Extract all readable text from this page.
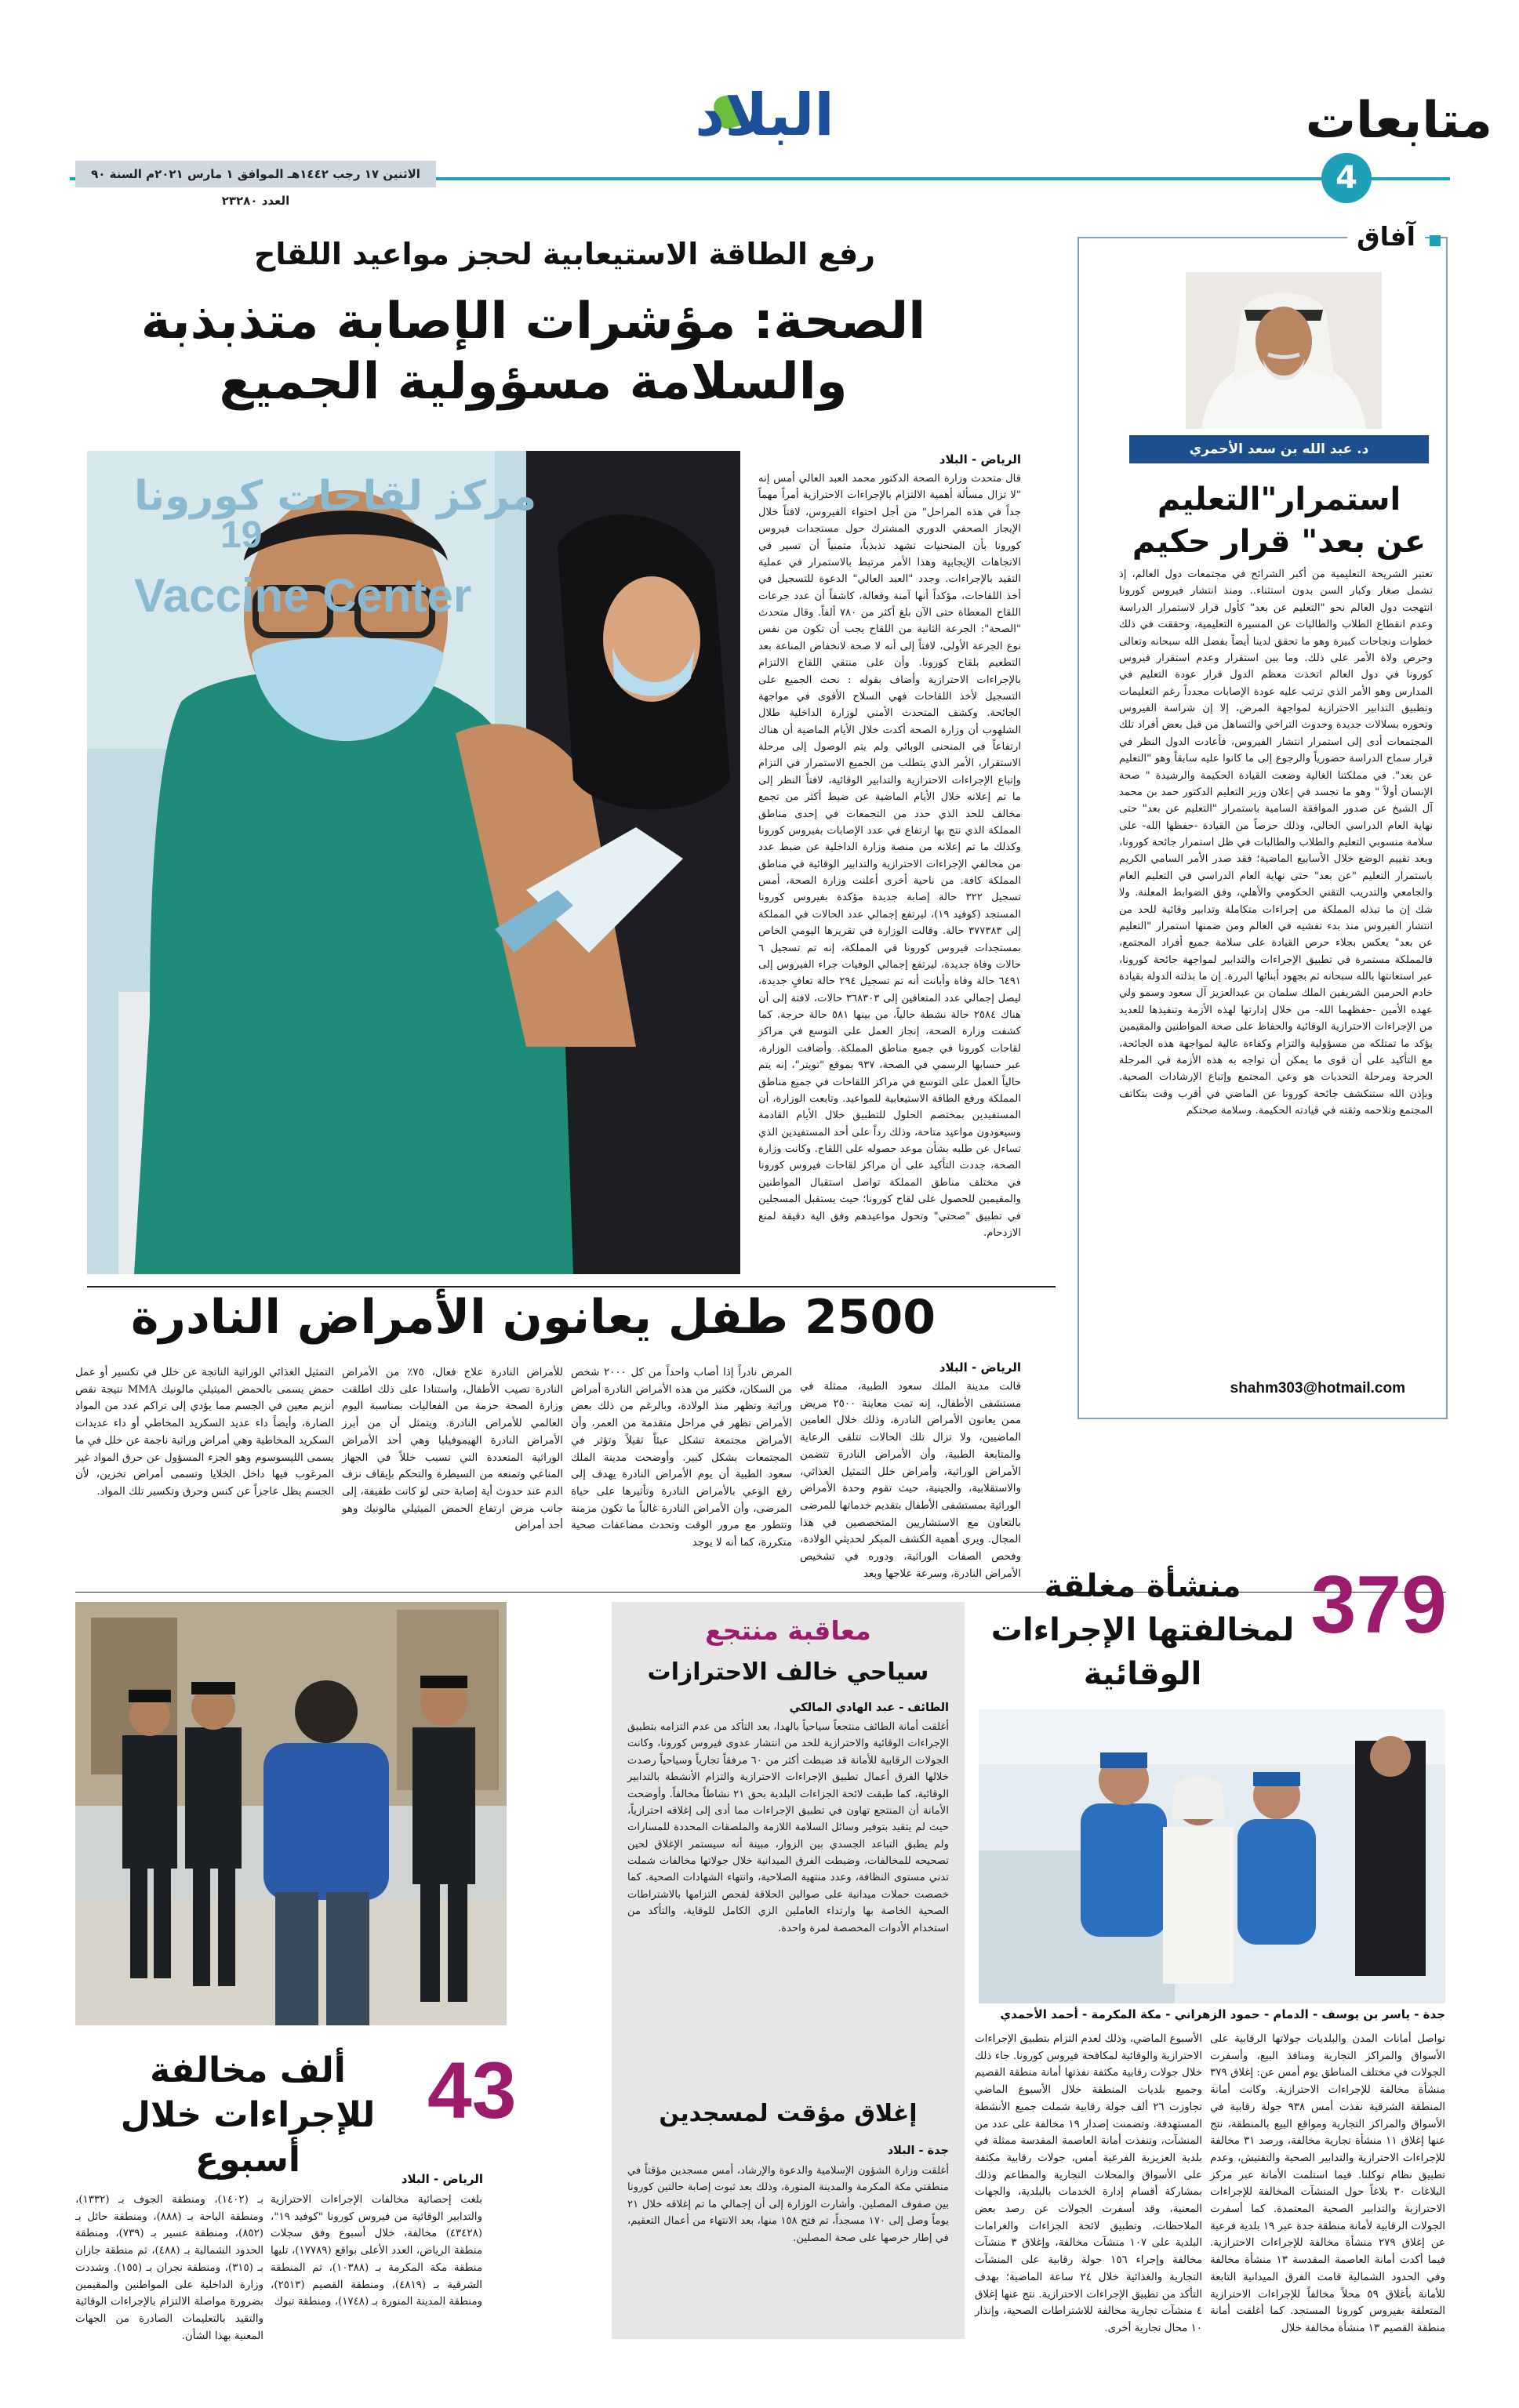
متابعات
4
البلاد
الاثنين ١٧ رجب ١٤٤٢هـ الموافق ١ مارس ٢٠٢١م السنة ٩٠ العدد ٢٣٢٨٠
آفاق
د. عبد الله بن سعد الأحمري
استمرار"التعليم عن بعد" قرار حكيم

تعتبر الشريحة التعليمية من أكبر الشرائح في مجتمعات دول العالم، إذ تشمل صغار وكبار السن بدون استثناء.. ومنذ انتشار فيروس كورونا انتهجت دول العالم نحو "التعليم عن بعد" كأول قرار لاستمرار الدراسة وعدم انقطاع الطلاب والطالبات عن المسيرة التعليمية، وحققت في ذلك خطوات ونجاحات كبيرة وهو ما تحقق لدينا أيضاً بفضل الله سبحانه وتعالى وحرص ولاة الأمر على ذلك. وما بين استقرار وعدم استقرار فيروس كورونا في دول العالم اتخذت معظم الدول قرار عودة التعليم في المدارس وهو الأمر الذي ترتب عليه عودة الإصابات مجدداً رغم التعليمات وتطبيق التدابير الاحترازية لمواجهة المرض، إلا إن شراسة الفيروس وتحوره بسلالات جديدة وحدوث التراخي والتساهل من قبل بعض أفراد تلك المجتمعات أدى إلى استمرار انتشار الفيروس، فأعادت الدول النظر في قرار سماح الدراسة حضورياً والرجوع إلى ما كانوا عليه سابقاً وهو "التعليم عن بعد". في مملكتنا الغالية وضعت القيادة الحكيمة والرشيدة " صحة الإنسان أولاً " وهو ما تجسد في إعلان وزير التعليم الدكتور حمد بن محمد آل الشيخ عن صدور الموافقة السامية باستمرار "التعليم عن بعد" حتى نهاية العام الدراسي الحالي، وذلك حرصاً من القيادة -حفظها الله- على سلامة منسوبي التعليم والطلاب والطالبات في ظل استمرار جائحة كورونا، وبعد تقييم الوضع خلال الأسابيع الماضية؛ فقد صدر الأمر السامي الكريم باستمرار التعليم "عن بعد" حتى نهاية العام الدراسي في التعليم العام والجامعي والتدريب التقني الحكومي والأهلي، وفق الضوابط المعلنة. ولا شك إن ما تبذله المملكة من إجراءات متكاملة وتدابير وقائية للحد من انتشار الفيروس منذ بدء تفشيه في العالم ومن ضمنها استمرار "التعليم عن بعد" يعكس بجلاء حرص القيادة على سلامة جميع أفراد المجتمع، فالمملكة مستمرة في تطبيق الإجراءات والتدابير لمواجهة جائحة كورونا، عبر استعانتها بالله سبحانه ثم بجهود أبنائها البررة. إن ما بذلته الدولة بقيادة خادم الحرمين الشريفين الملك سلمان بن عبدالعزيز آل سعود وسمو ولي عهده الأمين -حفظهما الله- من خلال إدارتها لهذه الأزمة وتنفيذها للعديد من الإجراءات الاحترازية الوقائية والحفاظ على صحة المواطنين والمقيمين يؤكد ما تمتلكه من مسؤولية والتزام وكفاءة عالية لمواجهة هذه الجائحة، مع التأكيد على أن قوى ما يمكن أن تواجه به هذه الأزمة في المرحلة الحرجة ومرحلة التحديات هو وعي المجتمع وإتباع الإرشادات الصحية. وبإذن الله ستنكشف جائحة كورونا عن الماضي في أقرب وقت بتكاتف المجتمع وتلاحمه وثقته في قيادته الحكيمة. وسلامة صحتكم

shahm303@hotmail.com
رفع الطاقة الاستيعابية لحجز مواعيد اللقاح
الصحة: مؤشرات الإصابة متذبذبة والسلامة مسؤولية الجميع
مركز لقاحات كورونا
Vaccine Center
19
الرياض - البلاد

قال متحدث وزارة الصحة الدكتور محمد العبد العالي أمس إنه "لا تزال مسألة أهمية الالتزام بالإجراءات الاحترازية أمراً مهماً جداً في هذه المراحل" من أجل احتواء الفيروس، لافتاً خلال الإيجاز الصحفي الدوري المشترك حول مستجدات فيروس كورونا بأن المنحنيات تشهد تذبذباً، متمنياً أن تسير في الاتجاهات الإيجابية وهذا الأمر مرتبط بالاستمرار في عملية التقيد بالإجراءات. وجدد "العبد العالي" الدعوة للتسجيل في أخذ اللقاحات، مؤكداً أنها آمنة وفعالة، كاشفاً أن عدد جرعات اللقاح المعطاة حتى الآن بلغ أكثر من ٧٨٠ ألفاً. وقال متحدث "الصحة": الجرعة الثانية من اللقاح يجب أن تكون من نفس نوع الجرعة الأولى، لافتاً إلى أنه لا صحة لانخفاض المناعة بعد التطعيم بلقاح كورونا. وأن على منتقي اللقاح الالتزام بالإجراءات الاحترازية وأضاف بقوله : نحث الجميع على التسجيل لأخذ اللقاحات فهي السلاح الأقوى في مواجهة الجائحة. وكشف المتحدث الأمني لوزارة الداخلية طلال الشلهوب أن وزارة الصحة أكدت خلال الأيام الماضية أن هناك ارتفاعاً في المنحنى الوبائي ولم يتم الوصول إلى مرحلة الاستقرار، الأمر الذي يتطلب من الجميع الاستمرار في التزام وإتباع الإجراءات الاحترازية والتدابير الوقائية، لافتاً النظر إلى ما تم إعلانه خلال الأيام الماضية عن ضبط أكثر من تجمع مخالف للحد الذي حدد من التجمعات في إحدى مناطق المملكة الذي نتج بها ارتفاع في عدد الإصابات بفيروس كورونا وكذلك ما تم إعلانه من منصة وزارة الداخلية عن ضبط عدد من مخالفي الإجراءات الاحترازية والتدابير الوقائية في مناطق المملكة كافة. من ناحية أخرى أعلنت وزارة الصحة، أمس تسجيل ٣٢٢ حالة إصابة جديدة مؤكدة بفيروس كورونا المستجد (كوفيد ١٩)، ليرتفع إجمالي عدد الحالات في المملكة إلى ٣٧٧٣٨٣ حالة. وقالت الوزارة في تقريرها اليومي الخاص بمستجدات فيروس كورونا في المملكة، إنه تم تسجيل ٦ حالات وفاة جديدة، ليرتفع إجمالي الوفيات جراء الفيروس إلى ٦٤٩١ حالة وفاة وأبانت أنه تم تسجيل ٢٩٤ حالة تعافٍ جديدة، ليصل إجمالي عدد المتعافين إلى ٣٦٨٣٠٣ حالات، لافتة إلى أن هناك ٢٥٨٤ حالة نشطة حالياً، من بينها ٥٨١ حالة حرجة. كما كشفت وزارة الصحة، إنجاز العمل على التوسع في مراكز لقاحات كورونا في جميع مناطق المملكة. وأضافت الوزارة، عبر حسابها الرسمي في الصحة، ٩٣٧ بموقع "تويتر"، إنه يتم حالياً العمل على التوسع في مراكز اللقاحات في جميع مناطق المملكة ورفع الطاقة الاستيعابية للمواعيد. وتابعت الوزارة، أن المستفيدين بمختصم الحلول للتطبيق خلال الأيام القادمة وسيعودون مواعيد متاحة، وذلك رداً على أحد المستفيدين الذي تساءل عن طلبه بشأن موعد حصوله على اللقاح. وكانت وزارة الصحة، جددت التأكيد على أن مراكز لقاحات فيروس كورونا في مختلف مناطق المملكة تواصل استقبال المواطنين والمقيمين للحصول على لقاح كورونا؛ حيث يستقبل المسجلين في تطبيق "صحتي" وتحول مواعيدهم وفق الية دقيقة لمنع الازدحام.

2500 طفل يعانون الأمراض النادرة
الرياض - البلاد

قالت مدينة الملك سعود الطبية، ممثلة في مستشفى الأطفال، إنه تمت معاينة ٢٥٠٠ مريض ممن يعانون الأمراض النادرة، وذلك خلال العامين الماضيين، ولا تزال تلك الحالات تتلقى الرعاية والمتابعة الطبية، وأن الأمراض النادرة تتضمن الأمراض الوراثية، وأمراض خلل التمثيل الغذائي، والاستقلابية، والجينية، حيث تقوم وحدة الأمراض الوراثية بمستشفى الأطفال بتقديم خدماتها للمرضى بالتعاون مع الاستشاريين المتخصصين في هذا المجال. ويرى أهمية الكشف المبكر لحديثي الولادة، وفحص الصفات الوراثية، ودوره في تشخيص الأمراض النادرة، وسرعة علاجها وبعد

المرض نادراً إذا أصاب واحداً من كل ٢٠٠٠ شخص من السكان، فكثير من هذه الأمراض النادرة أمراض وراثية وتظهر منذ الولادة، وبالرغم من ذلك بعض الأمراض تظهر في مراحل متقدمة من العمر، وأن الأمراض مجتمعة تشكل عبئاً ثقيلاً وتؤثر في المجتمعات بشكل كبير. وأوضحت مدينة الملك سعود الطبية أن يوم الأمراض النادرة يهدف إلى رفع الوعي بالأمراض النادرة وتأثيرها على حياة المرضى، وأن الأمراض النادرة غالباً ما تكون مزمنة وتتطور مع مرور الوقت وتحدث مضاعفات صحية متكررة، كما أنه لا يوجد

للأمراض النادرة علاج فعال، ٧٥٪ من الأمراض النادرة تصيب الأطفال، واستنادا على ذلك اطلقت وزارة الصحة حزمة من الفعاليات بمناسبة اليوم العالمي للأمراض النادرة. ويتمثل أن من أبرز الأمراض النادرة الهيموفيليا وهي أحد الأمراض الوراثية المتعددة التي تسبب خللاً في الجهاز المناعي وتمنعه من السيطرة والتحكم بإيقاف نزف الدم عند حدوث أية إصابة حتى لو كانت طفيفة، إلى جانب مرض ارتفاع الحمض الميثيلي مالونيك وهو أحد أمراض

التمثيل الغذائي الوراثية الناتجة عن خلل في تكسير أو عمل حمض يسمى بالحمض الميثيلي مالونيك MMA نتيجة نقص أنزيم معين في الجسم مما يؤدي إلى تراكم عدد من المواد الضارة، وأيضاً داء عديد السكريد المخاطي أو داء عديدات السكريد المخاطية وهي أمراض وراثية ناجمة عن خلل في ما يسمى الليسوسوم وهو الجزء المسؤول عن حرق المواد غير المرغوب فيها داخل الخلايا وتسمى أمراض تخزين، لأن الجسم يظل عاجزاً عن كنس وحرق وتكسير تلك المواد.

43
ألف مخالفة للإجراءات خلال أسبوع	الرياض - البلاد

بلغت إحصائية مخالفات الإجراءات الاحترازية والتدابير الوقائية من فيروس كورونا "كوفيد ١٩"، (٤٣٤٢٨) مخالفة، خلال أسبوع وفق سجلات منطقة الرياض، العدد الأعلى بواقع (١٧٧٨٩)، تليها منطقة مكة المكرمة بـ (١٠٣٨٨)، ثم المنطقة الشرقية بـ (٤٨١٩)، ومنطقة القصيم (٢٥١٣)، ومنطقة المدينة المنورة بـ (١٧٤٨)، ومنطقة تبوك

بـ (١٤٠٢)، ومنطقة الجوف بـ (١٣٣٢)، ومنطقة الباحة بـ (٨٨٨)، ومنطقة حائل بـ (٨٥٢)، ومنطقة عسير بـ (٧٣٩)، ومنطقة الحدود الشمالية بـ (٤٨٨)، ثم منطقة جازان بـ (٣١٥)، ومنطقة نجران بـ (١٥٥). وشددت وزارة الداخلية على المواطنين والمقيمين بضرورة مواصلة الالتزام بالإجراءات الوقائية والتقيد بالتعليمات الصادرة من الجهات المعنية بهذا الشأن.

معاقبة منتجع
سياحي خالف الاحترازات
الطائف - عبد الهادي المالكي

أغلقت أمانة الطائف منتجعاً سياحياً بالهدا، بعد التأكد من عدم التزامه بتطبيق الإجراءات الوقائية والاحترازية للحد من انتشار عدوى فيروس كورونا، وكانت الجولات الرقابية للأمانة قد ضبطت أكثر من ٦٠ مرفقاً تجارياً وسياحياً رصدت خلالها الفرق أعمال تطبيق الإجراءات الاحترازية والتزام الأنشطة بالتدابير الوقائية، كما طبقت لائحة الجزاءات البلدية بحق ٢١ نشاطاً مخالفاً. وأوضحت الأمانة أن المنتجع تهاون في تطبيق الإجراءات مما أدى إلى إغلاقه احترازياً، حيث لم يتقيد بتوفير وسائل السلامة اللازمة والملصقات المحددة للمسارات ولم يطبق التباعد الجسدي بين الزوار، مبينة أنه سيستمر الإغلاق لحين تصحيحه للمخالفات، وضبطت الفرق الميدانية خلال جولاتها مخالفات شملت تدني مستوى النظافة، وعدد منتهية الصلاحية، وانتهاء الشهادات الصحية. كما خصصت حملات ميدانية على صوالين الحلاقة لفحص التزامها بالاشتراطات الصحية الخاصة بها وارتداء العاملين الزي الكامل للوقاية، والتأكد من استخدام الأدوات المخصصة لمرة واحدة.

إغلاق مؤقت لمسجدين
جدة - البلاد

أغلقت وزارة الشؤون الإسلامية والدعوة والإرشاد، أمس مسجدين مؤقتاً في منطقتي مكة المكرمة والمدينة المنورة، وذلك بعد ثبوت إصابة حالتين كورونا بين صفوف المصلين. وأشارت الوزارة إلى أن إجمالي ما تم إغلاقه خلال ٢١ يوماً وصل إلى ١٧٠ مسجداً، تم فتح ١٥٨ منها، بعد الانتهاء من أعمال التعقيم، في إطار حرصها على صحة المصلين.

379
منشأة مغلقة لمخالفتها الإجراءات الوقائية
جدة - ياسر بن يوسف - الدمام - حمود الزهراني - مكة المكرمة - أحمد الأحمدي

تواصل أمانات المدن والبلديات جولاتها الرقابية على الأسواق والمراكز التجارية ومنافذ البيع، وأسفرت الجولات في مختلف المناطق يوم أمس عن: إغلاق ٣٧٩ منشأة مخالفة للإجراءات الاحترازية. وكانت أمانة المنطقة الشرقية نفذت أمس ٩٣٨ جولة رقابية في الأسواق والمراكز التجارية ومواقع البيع بالمنطقة، نتج عنها إغلاق ١١ منشأة تجارية مخالفة، ورصد ٣١ مخالفة للإجراءات الاحترازية والتدابير الصحية والتفتيش، وعدم تطبيق نظام توكلنا. فيما استلمت الأمانة عبر مركز البلاغات ٣٠ بلاغاً حول المنشآت المخالفة للإجراءات الاحترازية والتدابير الصحية المعتمدة. كما أسفرت الجولات الرقابية لأمانة منطقة جدة عبر ١٩ بلدية فرعية عن إغلاق ٢٧٩ منشأة مخالفة للإجراءات الاحترازية. فيما أكدت أمانة العاصمة المقدسة ١٣ منشأة مخالفة وفي الحدود الشمالية قامت الفرق الميدانية التابعة للأمانة بأغلاق ٥٩ محلاً مخالفاً للإجراءات الاحترازية المتعلقة بفيروس كورونا المستجد. كما أغلقت أمانة منطقة القصيم ١٣ منشأة مخالفة خلال

الأسبوع الماضي، وذلك لعدم التزام بتطبيق الإجراءات الاحترازية والوقائية لمكافحة فيروس كورونا. جاء ذلك خلال جولات رقابية مكثفة نفذتها أمانة منطقة القصيم وجميع بلديات المنطقة خلال الأسبوع الماضي تجاوزت ٢٦ ألف جولة رقابية شملت جميع الأنشطة المستهدفة. وتضمنت إصدار ١٩ مخالفة على عدد من المنشآت، وتنفذت أمانة العاصمة المقدسة ممثلة في بلدية العزيزية الفرعية أمس، جولات رقابية مكثفة على الأسواق والمحلات التجارية والمطاعم وذلك بمشاركة أقسام إدارة الخدمات بالبلدية، والجهات المعنية، وقد أسفرت الجولات عن رصد بعض الملاحظات، وتطبيق لائحة الجزاءات والغرامات البلدية على ١٠٧ منشآت مخالفة، وإغلاق ٣ منشآت مخالفة وإجراء ١٥٦ جولة رقابية على المنشآت التجارية والغذائية خلال ٢٤ ساعة الماضية؛ بهدف التأكد من تطبيق الإجراءات الاحترازية. نتج عنها إغلاق ٤ منشآت تجارية مخالفة للاشتراطات الصحية، وإنذار ١٠ محال تجارية أخرى.
